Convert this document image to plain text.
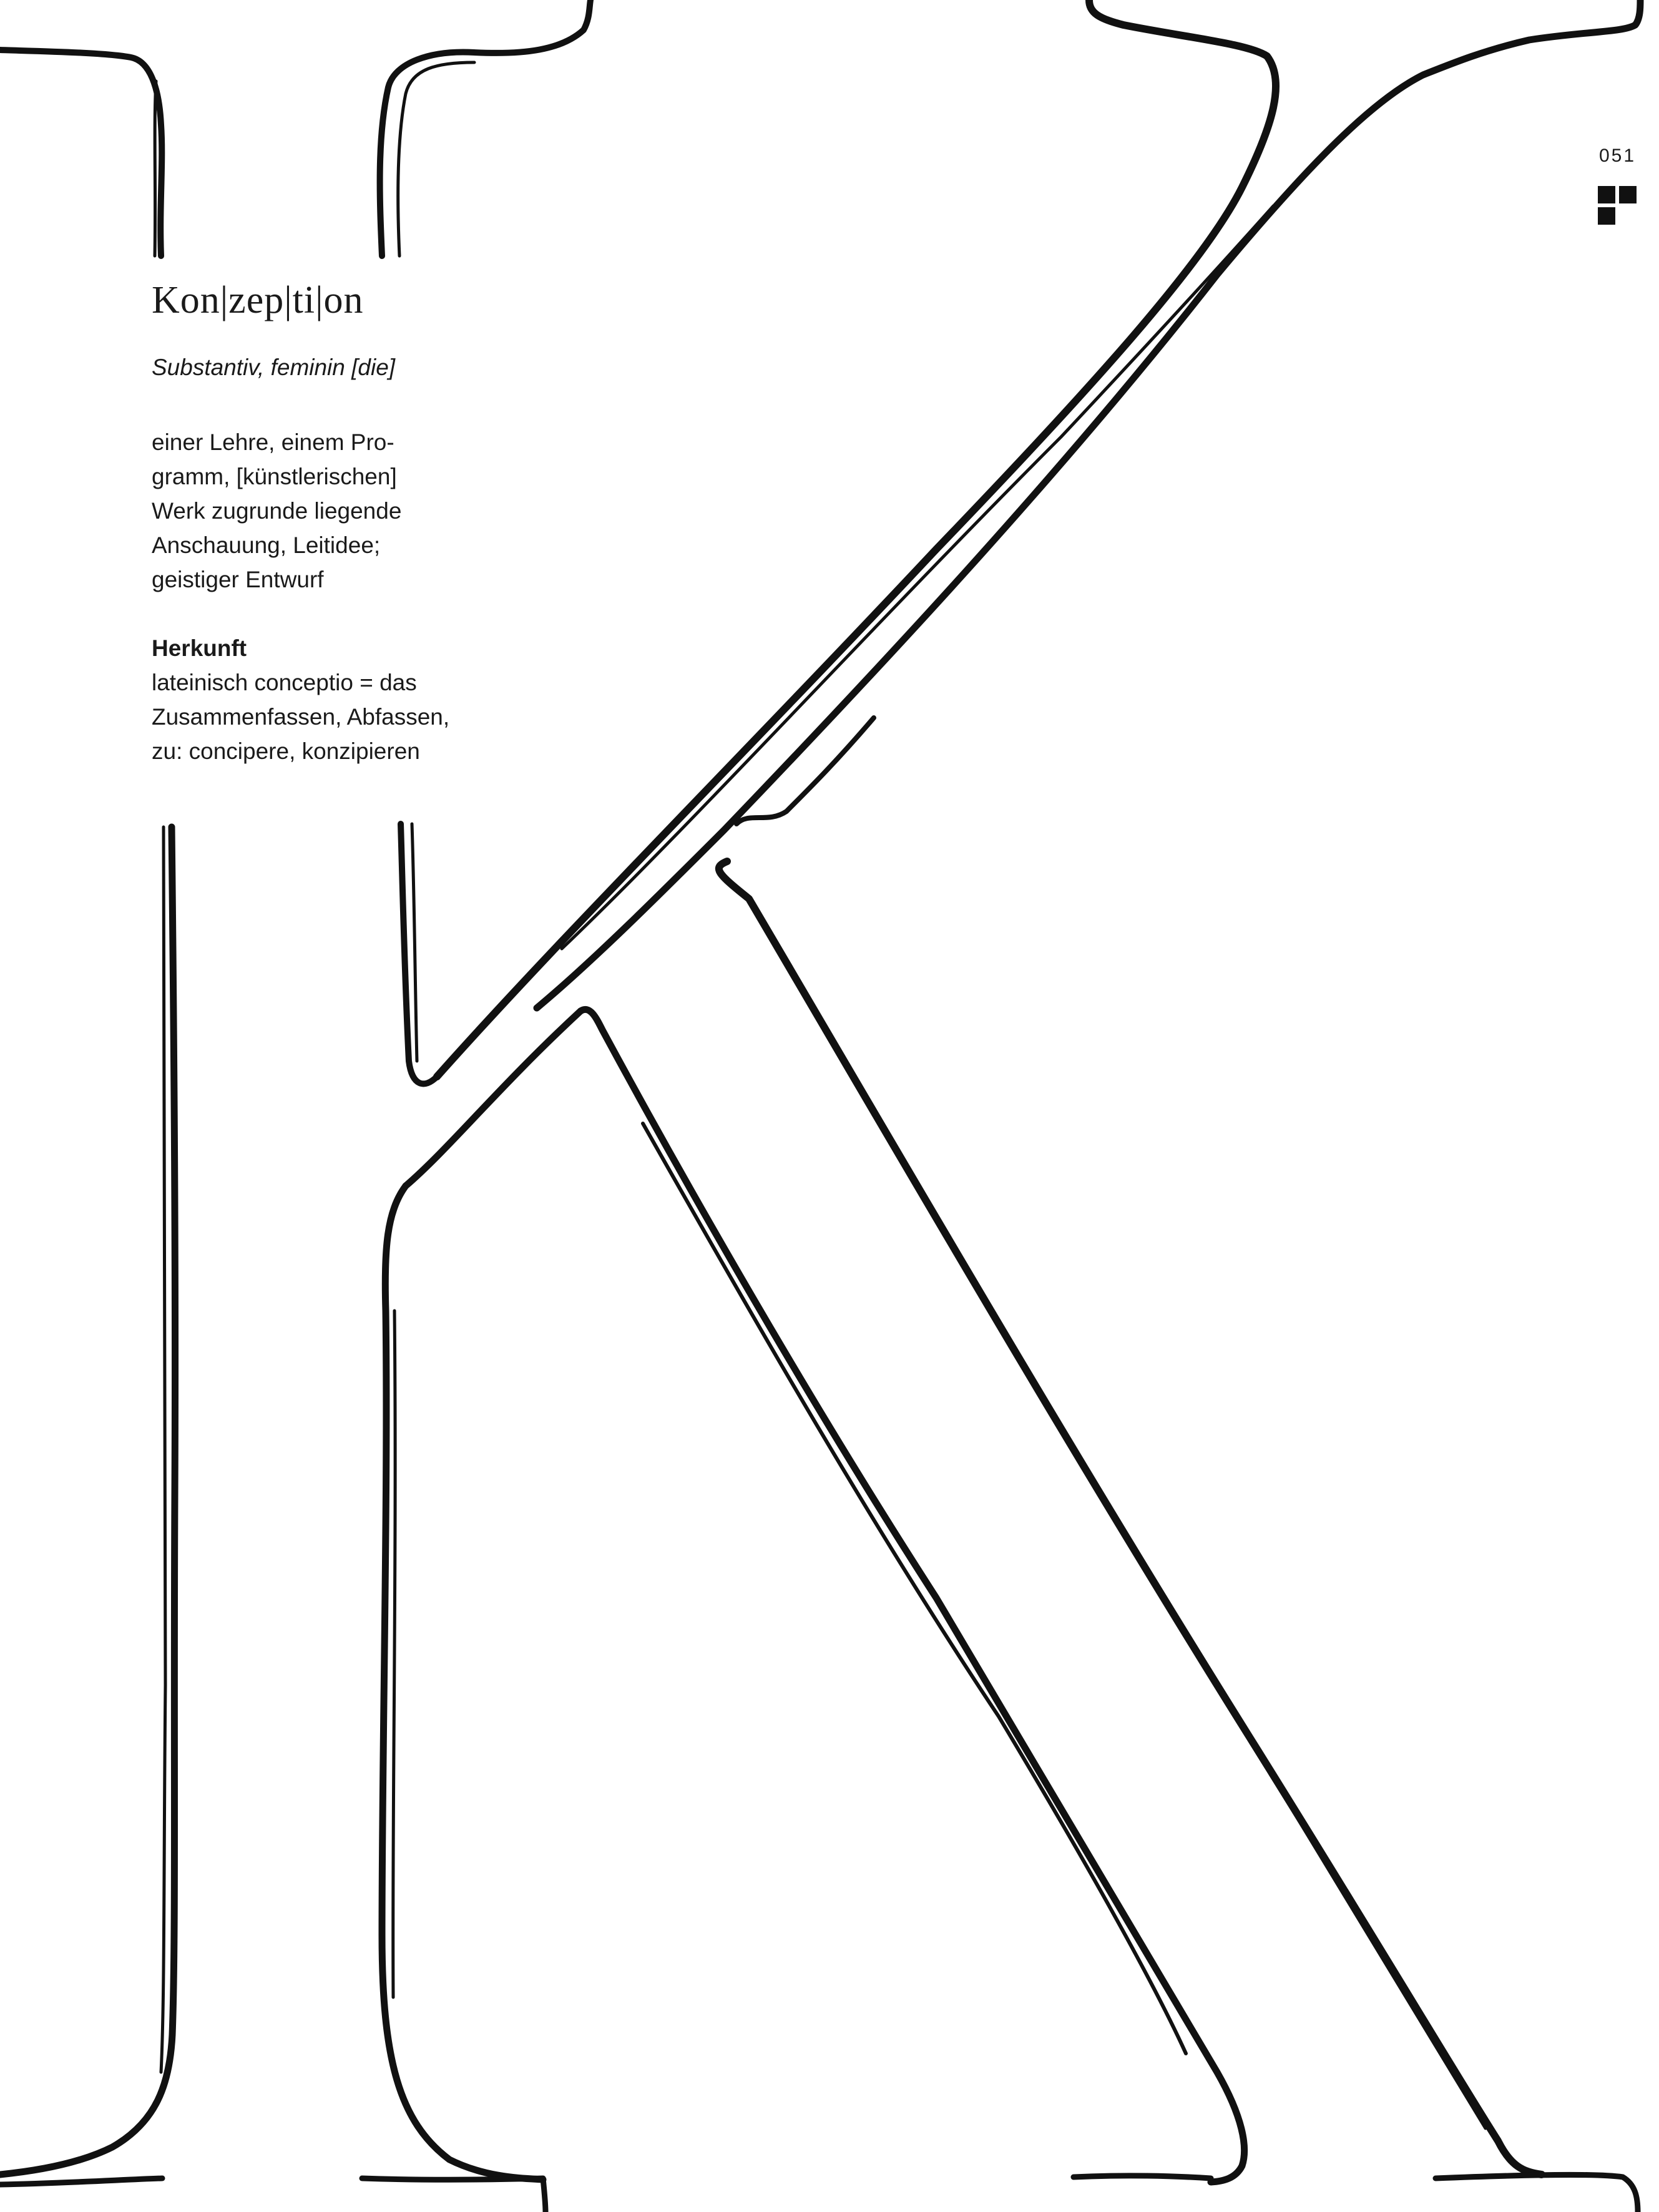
Kon|zep|ti|on
Substantiv, feminin [die]
einer Lehre, einem Pro-
gramm, [künstlerischen]
Werk zugrunde liegende
Anschauung, Leitidee;
geistiger Entwurf
Herkunft
lateinisch conceptio = das
Zusammenfassen, Abfassen,
zu: concipere, konzipieren
051
